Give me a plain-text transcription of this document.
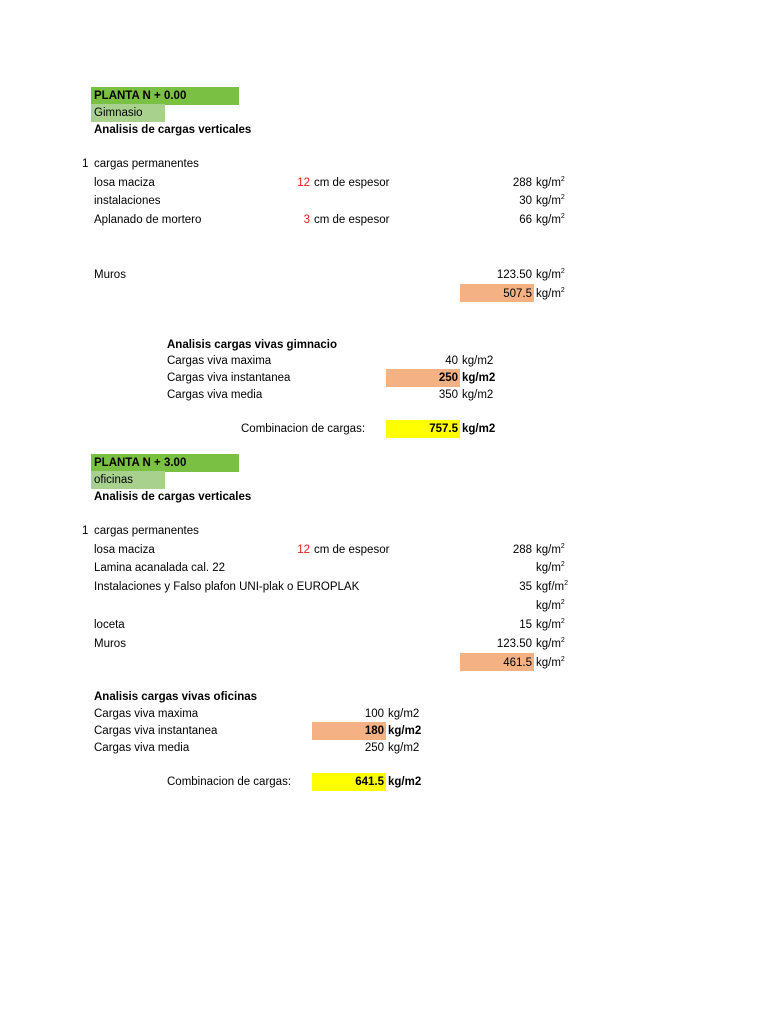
PLANTA N + 0.00
Gimnasio
Analisis de cargas verticales
1 cargas permanentes
losa maciza	12 cm de espesor	288 $kg/m^2$
instalaciones	30 $kg/m^2$
Aplanado de mortero	3 cm de espesor	66 $kg/m^2$
Muros	123.50 $kg/m^2$
507.5 $kg/m^2$
Analisis cargas vivas gimnacio
Cargas viva maxima	40 kg/m2
Cargas viva instantanea	250 kg/m2
Cargas viva media	350 kg/m2
Combinacion de cargas:	757.5 kg/m2
PLANTA N + 3.00
oficinas
Analisis de cargas verticales
1 cargas permanentes
losa maciza	12 cm de espesor	288 $kg/m^2$
Lamina acanalada cal. 22	$kg/m^2$
Instalaciones y Falso plafon UNI-plak o EUROPLAK	35 kgf/$m^2$
$kg/m^2$
loceta	15 $kg/m^2$
Muros	123.50 $kg/m^2$
461.5 $kg/m^2$
Analisis cargas vivas oficinas
Cargas viva maxima	100 kg/m2
Cargas viva instantanea	180 kg/m2
Cargas viva media	250 kg/m2
Combinacion de cargas:	641.5 kg/m2
